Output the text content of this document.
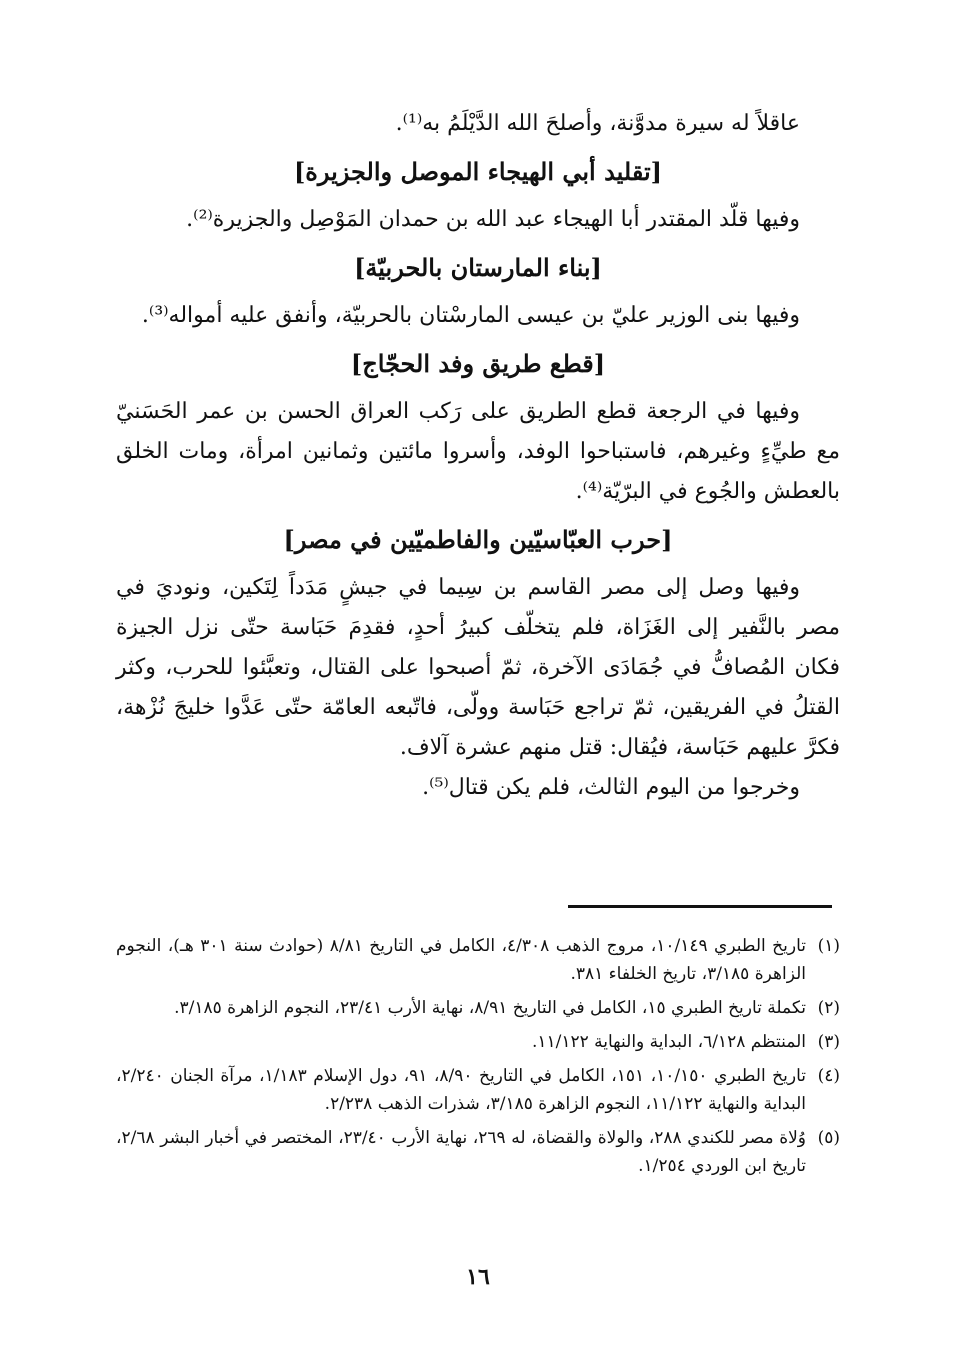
عاقلاً له سيرة مدوَّنة، وأصلحَ الله الدَّيْلَمُ به⁽¹⁾.

[تقليد أبي الهيجاء الموصل والجزيرة]

وفيها قلّد المقتدر أبا الهيجاء عبد الله بن حمدان المَوْصِل والجزيرة⁽²⁾.

[بناء المارستان بالحربيّة]

وفيها بنى الوزير عليّ بن عيسى المارسْتان بالحربيّة، وأنفق عليه أمواله⁽³⁾.

[قطع طريق وفد الحجّاج]

وفيها في الرجعة قطع الطريق على رَكب العراق الحسن بن عمر الحَسَنيّ مع طيِّءٍ وغيرهم، فاستباحوا الوفد، وأسروا مائتين وثمانين امرأة، ومات الخلق بالعطش والجُوع في البرّيّة⁽⁴⁾.

[حرب العبّاسيّين والفاطميّين في مصر]

وفيها وصل إلى مصر القاسم بن سِيما في جيشٍ مَدَداً لِتَكين، ونوديَ في مصر بالنَّفير إلى الغَزَاة، فلم يتخلّف كبيرُ أحدٍ، فقدِمَ حَبَاسة حتّى نزل الجيزة فكان المُصافُّ في جُمَادَى الآخرة، ثمّ أصبحوا على القتال، وتعبَّئوا للحرب، وكثر القتلُ في الفريقين، ثمّ تراجع حَبَاسة وولّى، فاتّبعه العامّة حتّى عَدَّوا خليجَ نُزْهة، فكرَّ عليهم حَبَاسة، فيُقال: قتل منهم عشرة آلاف.

وخرجوا من اليوم الثالث، فلم يكن قتال⁽⁵⁾.

(١)
تاريخ الطبري ١٠/١٤٩، مروج الذهب ٤/٣٠٨، الكامل في التاريخ ٨/٨١ (حوادث سنة ٣٠١ هـ)، النجوم الزاهرة ٣/١٨٥، تاريخ الخلفاء ٣٨١.
(٢)
تكملة تاريخ الطبري ١٥، الكامل في التاريخ ٨/٩١، نهاية الأرب ٢٣/٤١، النجوم الزاهرة ٣/١٨٥.
(٣)
المنتظم ٦/١٢٨، البداية والنهاية ١١/١٢٢.
(٤)
تاريخ الطبري ١٠/١٥٠، ١٥١، الكامل في التاريخ ٨/٩٠، ٩١، دول الإسلام ١/١٨٣، مرآة الجنان ٢/٢٤٠، البداية والنهاية ١١/١٢٢، النجوم الزاهرة ٣/١٨٥، شذرات الذهب ٢/٢٣٨.
(٥)
وُلاة مصر للكندي ٢٨٨، والولاة والقضاة، له ٢٦٩، نهاية الأرب ٢٣/٤٠، المختصر في أخبار البشر ٢/٦٨، تاريخ ابن الوردي ١/٢٥٤.
١٦
